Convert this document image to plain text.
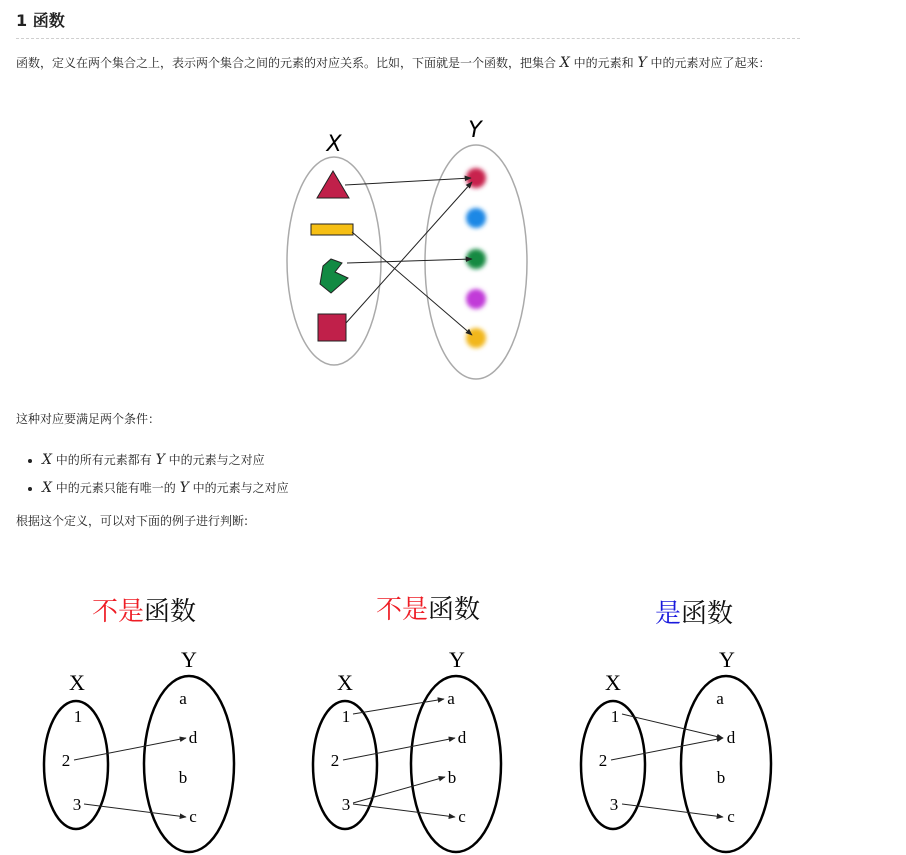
1 函数
函数，定义在两个集合之上，表示两个集合之间的元素的对应关系。比如，下面就是一个函数，把集合 X 中的元素和 Y 中的元素对应了起来：
X
Y
不是函数
X
Y
1
2
3
a
d
b
c
不是函数
X
Y
1
2
3
a
d
b
c
是函数
X
Y
1
2
3
a
d
b
c
这种对应要满足两个条件：
• X 中的所有元素都有 Y 中的元素与之对应
• X 中的元素只能有唯一的 Y 中的元素与之对应
根据这个定义，可以对下面的例子进行判断:
